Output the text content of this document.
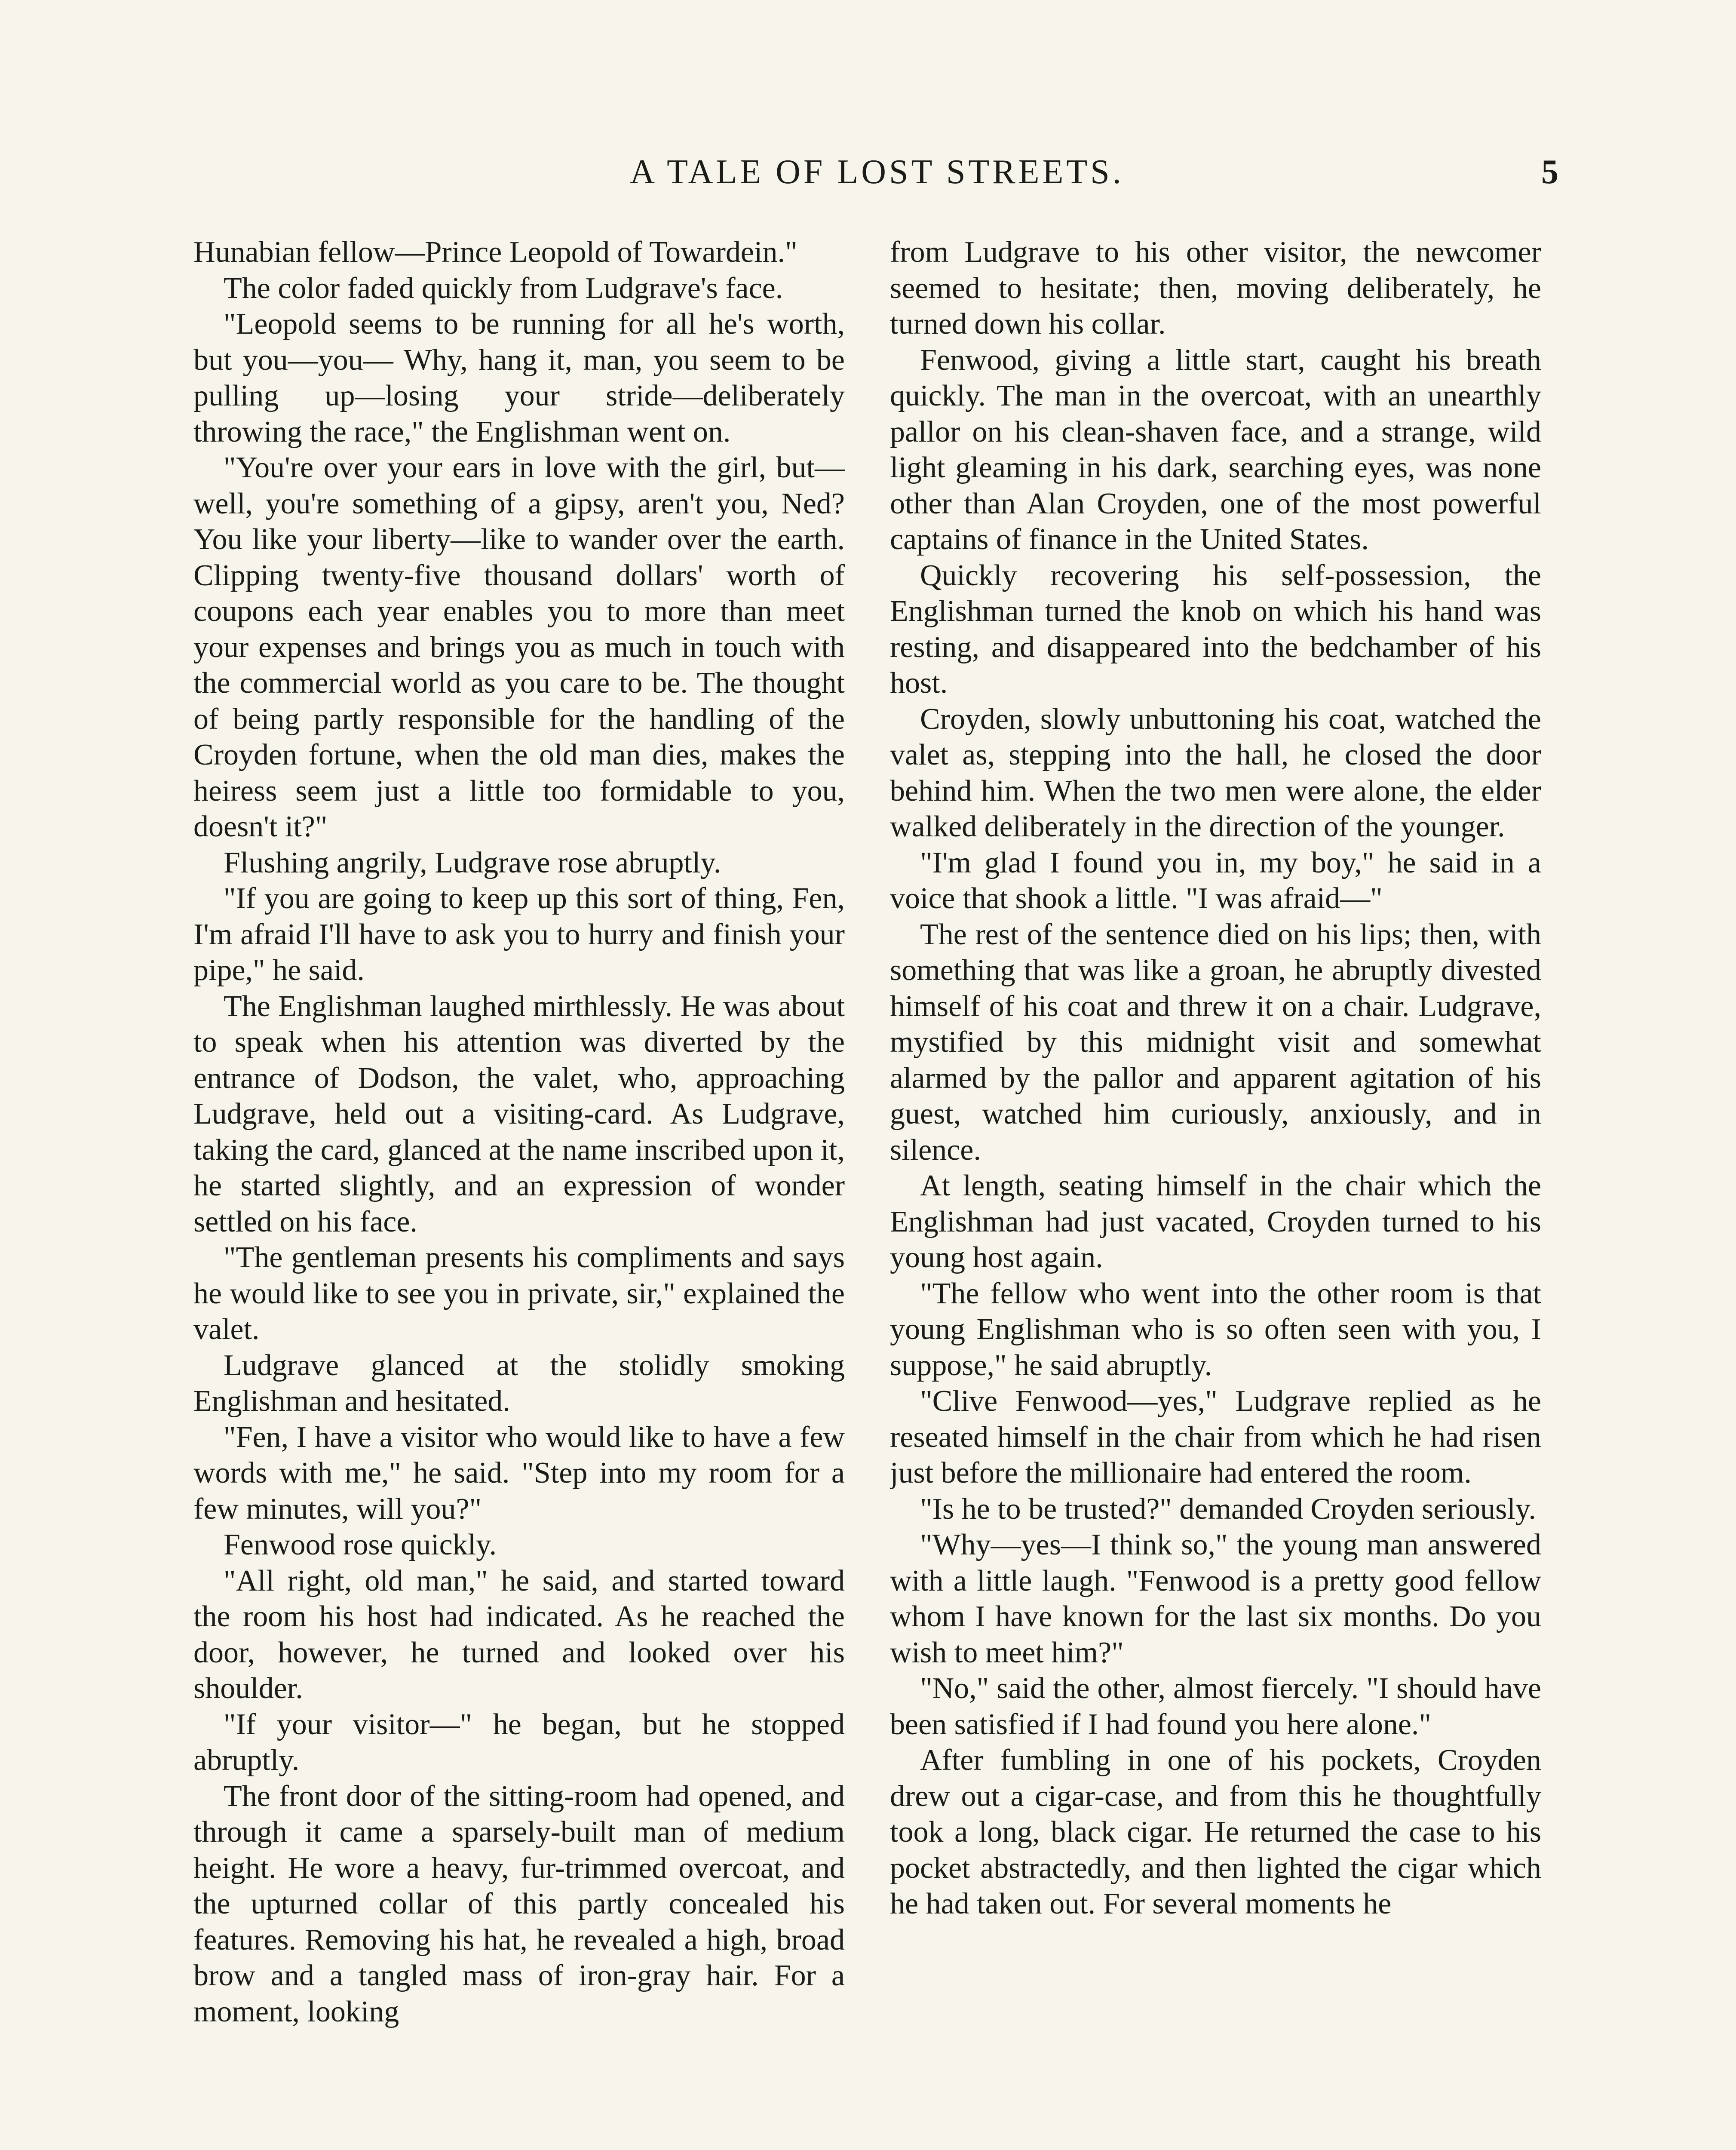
A TALE OF LOST STREETS.	5

Hunabian fellow—Prince Leopold of Towardein."

The color faded quickly from Ludgrave's face.

"Leopold seems to be running for all he's worth, but you—you— Why, hang it, man, you seem to be pulling up—losing your stride—deliberately throwing the race," the Englishman went on.

"You're over your ears in love with the girl, but—well, you're something of a gipsy, aren't you, Ned? You like your liberty—like to wander over the earth. Clipping twenty-five thousand dollars' worth of coupons each year enables you to more than meet your expenses and brings you as much in touch with the commercial world as you care to be. The thought of being partly responsible for the handling of the Croyden fortune, when the old man dies, makes the heiress seem just a little too formidable to you, doesn't it?"

Flushing angrily, Ludgrave rose abruptly.

"If you are going to keep up this sort of thing, Fen, I'm afraid I'll have to ask you to hurry and finish your pipe," he said.

The Englishman laughed mirthlessly. He was about to speak when his attention was diverted by the entrance of Dodson, the valet, who, approaching Ludgrave, held out a visiting-card. As Ludgrave, taking the card, glanced at the name inscribed upon it, he started slightly, and an expression of wonder settled on his face.

"The gentleman presents his compliments and says he would like to see you in private, sir," explained the valet.

Ludgrave glanced at the stolidly smoking Englishman and hesitated.

"Fen, I have a visitor who would like to have a few words with me," he said. "Step into my room for a few minutes, will you?"

Fenwood rose quickly.

"All right, old man," he said, and started toward the room his host had indicated. As he reached the door, however, he turned and looked over his shoulder.

"If your visitor—" he began, but he stopped abruptly.

The front door of the sitting-room had opened, and through it came a sparsely-built man of medium height. He wore a heavy, fur-trimmed overcoat, and the upturned collar of this partly concealed his features. Removing his hat, he revealed a high, broad brow and a tangled mass of iron-gray hair. For a moment, looking

from Ludgrave to his other visitor, the newcomer seemed to hesitate; then, moving deliberately, he turned down his collar.

Fenwood, giving a little start, caught his breath quickly. The man in the overcoat, with an unearthly pallor on his clean-shaven face, and a strange, wild light gleaming in his dark, searching eyes, was none other than Alan Croyden, one of the most powerful captains of finance in the United States.

Quickly recovering his self-possession, the Englishman turned the knob on which his hand was resting, and disappeared into the bedchamber of his host.

Croyden, slowly unbuttoning his coat, watched the valet as, stepping into the hall, he closed the door behind him. When the two men were alone, the elder walked deliberately in the direction of the younger.

"I'm glad I found you in, my boy," he said in a voice that shook a little. "I was afraid—"

The rest of the sentence died on his lips; then, with something that was like a groan, he abruptly divested himself of his coat and threw it on a chair. Ludgrave, mystified by this midnight visit and somewhat alarmed by the pallor and apparent agitation of his guest, watched him curiously, anxiously, and in silence.

At length, seating himself in the chair which the Englishman had just vacated, Croyden turned to his young host again.

"The fellow who went into the other room is that young Englishman who is so often seen with you, I suppose," he said abruptly.

"Clive Fenwood—yes," Ludgrave replied as he reseated himself in the chair from which he had risen just before the millionaire had entered the room.

"Is he to be trusted?" demanded Croyden seriously.

"Why—yes—I think so," the young man answered with a little laugh. "Fenwood is a pretty good fellow whom I have known for the last six months. Do you wish to meet him?"

"No," said the other, almost fiercely. "I should have been satisfied if I had found you here alone."

After fumbling in one of his pockets, Croyden drew out a cigar-case, and from this he thoughtfully took a long, black cigar. He returned the case to his pocket abstractedly, and then lighted the cigar which he had taken out. For several moments he
